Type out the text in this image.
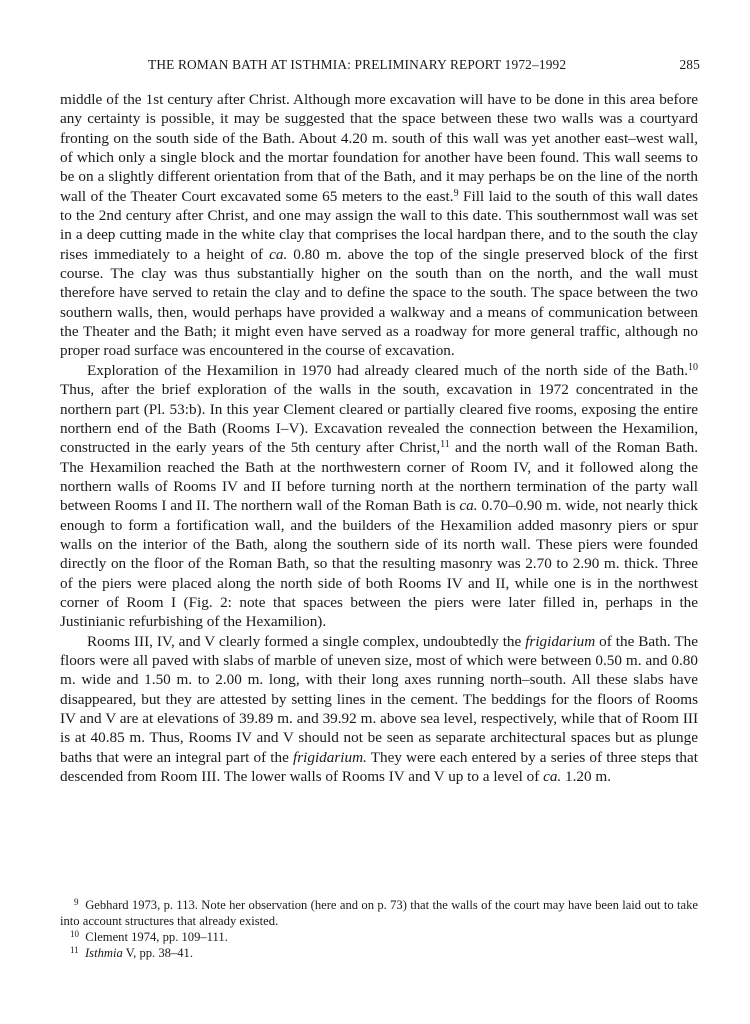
THE ROMAN BATH AT ISTHMIA: PRELIMINARY REPORT 1972–1992	285

middle of the 1st century after Christ. Although more excavation will have to be done in this area before any certainty is possible, it may be suggested that the space between these two walls was a courtyard fronting on the south side of the Bath. About 4.20 m. south of this wall was yet another east–west wall, of which only a single block and the mortar foundation for another have been found. This wall seems to be on a slightly different orientation from that of the Bath, and it may perhaps be on the line of the north wall of the Theater Court excavated some 65 meters to the east.$^9$ Fill laid to the south of this wall dates to the 2nd century after Christ, and one may assign the wall to this date. This southernmost wall was set in a deep cutting made in the white clay that comprises the local hardpan there, and to the south the clay rises immediately to a height of ca. 0.80 m. above the top of the single preserved block of the first course. The clay was thus substantially higher on the south than on the north, and the wall must therefore have served to retain the clay and to define the space to the south. The space between the two southern walls, then, would perhaps have provided a walkway and a means of communication between the Theater and the Bath; it might even have served as a roadway for more general traffic, although no proper road surface was encountered in the course of excavation.

Exploration of the Hexamilion in 1970 had already cleared much of the north side of the Bath.$^{10}$ Thus, after the brief exploration of the walls in the south, excavation in 1972 concentrated in the northern part (Pl. 53:b). In this year Clement cleared or partially cleared five rooms, exposing the entire northern end of the Bath (Rooms I–V). Excavation revealed the connection between the Hexamilion, constructed in the early years of the 5th century after Christ,$^{11}$ and the north wall of the Roman Bath. The Hexamilion reached the Bath at the northwestern corner of Room IV, and it followed along the northern walls of Rooms IV and II before turning north at the northern termination of the party wall between Rooms I and II. The northern wall of the Roman Bath is ca. 0.70–0.90 m. wide, not nearly thick enough to form a fortification wall, and the builders of the Hexamilion added masonry piers or spur walls on the interior of the Bath, along the southern side of its north wall. These piers were founded directly on the floor of the Roman Bath, so that the resulting masonry was 2.70 to 2.90 m. thick. Three of the piers were placed along the north side of both Rooms IV and II, while one is in the northwest corner of Room I (Fig. 2: note that spaces between the piers were later filled in, perhaps in the Justinianic refurbishing of the Hexamilion).

Rooms III, IV, and V clearly formed a single complex, undoubtedly the frigidarium of the Bath. The floors were all paved with slabs of marble of uneven size, most of which were between 0.50 m. and 0.80 m. wide and 1.50 m. to 2.00 m. long, with their long axes running north–south. All these slabs have disappeared, but they are attested by setting lines in the cement. The beddings for the floors of Rooms IV and V are at elevations of 39.89 m. and 39.92 m. above sea level, respectively, while that of Room III is at 40.85 m. Thus, Rooms IV and V should not be seen as separate architectural spaces but as plunge baths that were an integral part of the frigidarium. They were each entered by a series of three steps that descended from Room III. The lower walls of Rooms IV and V up to a level of ca. 1.20 m.

$^9$ Gebhard 1973, p. 113. Note her observation (here and on p. 73) that the walls of the court may have been laid out to take into account structures that already existed.

$^{10}$ Clement 1974, pp. 109–111.

$^{11}$ Isthmia V, pp. 38–41.
